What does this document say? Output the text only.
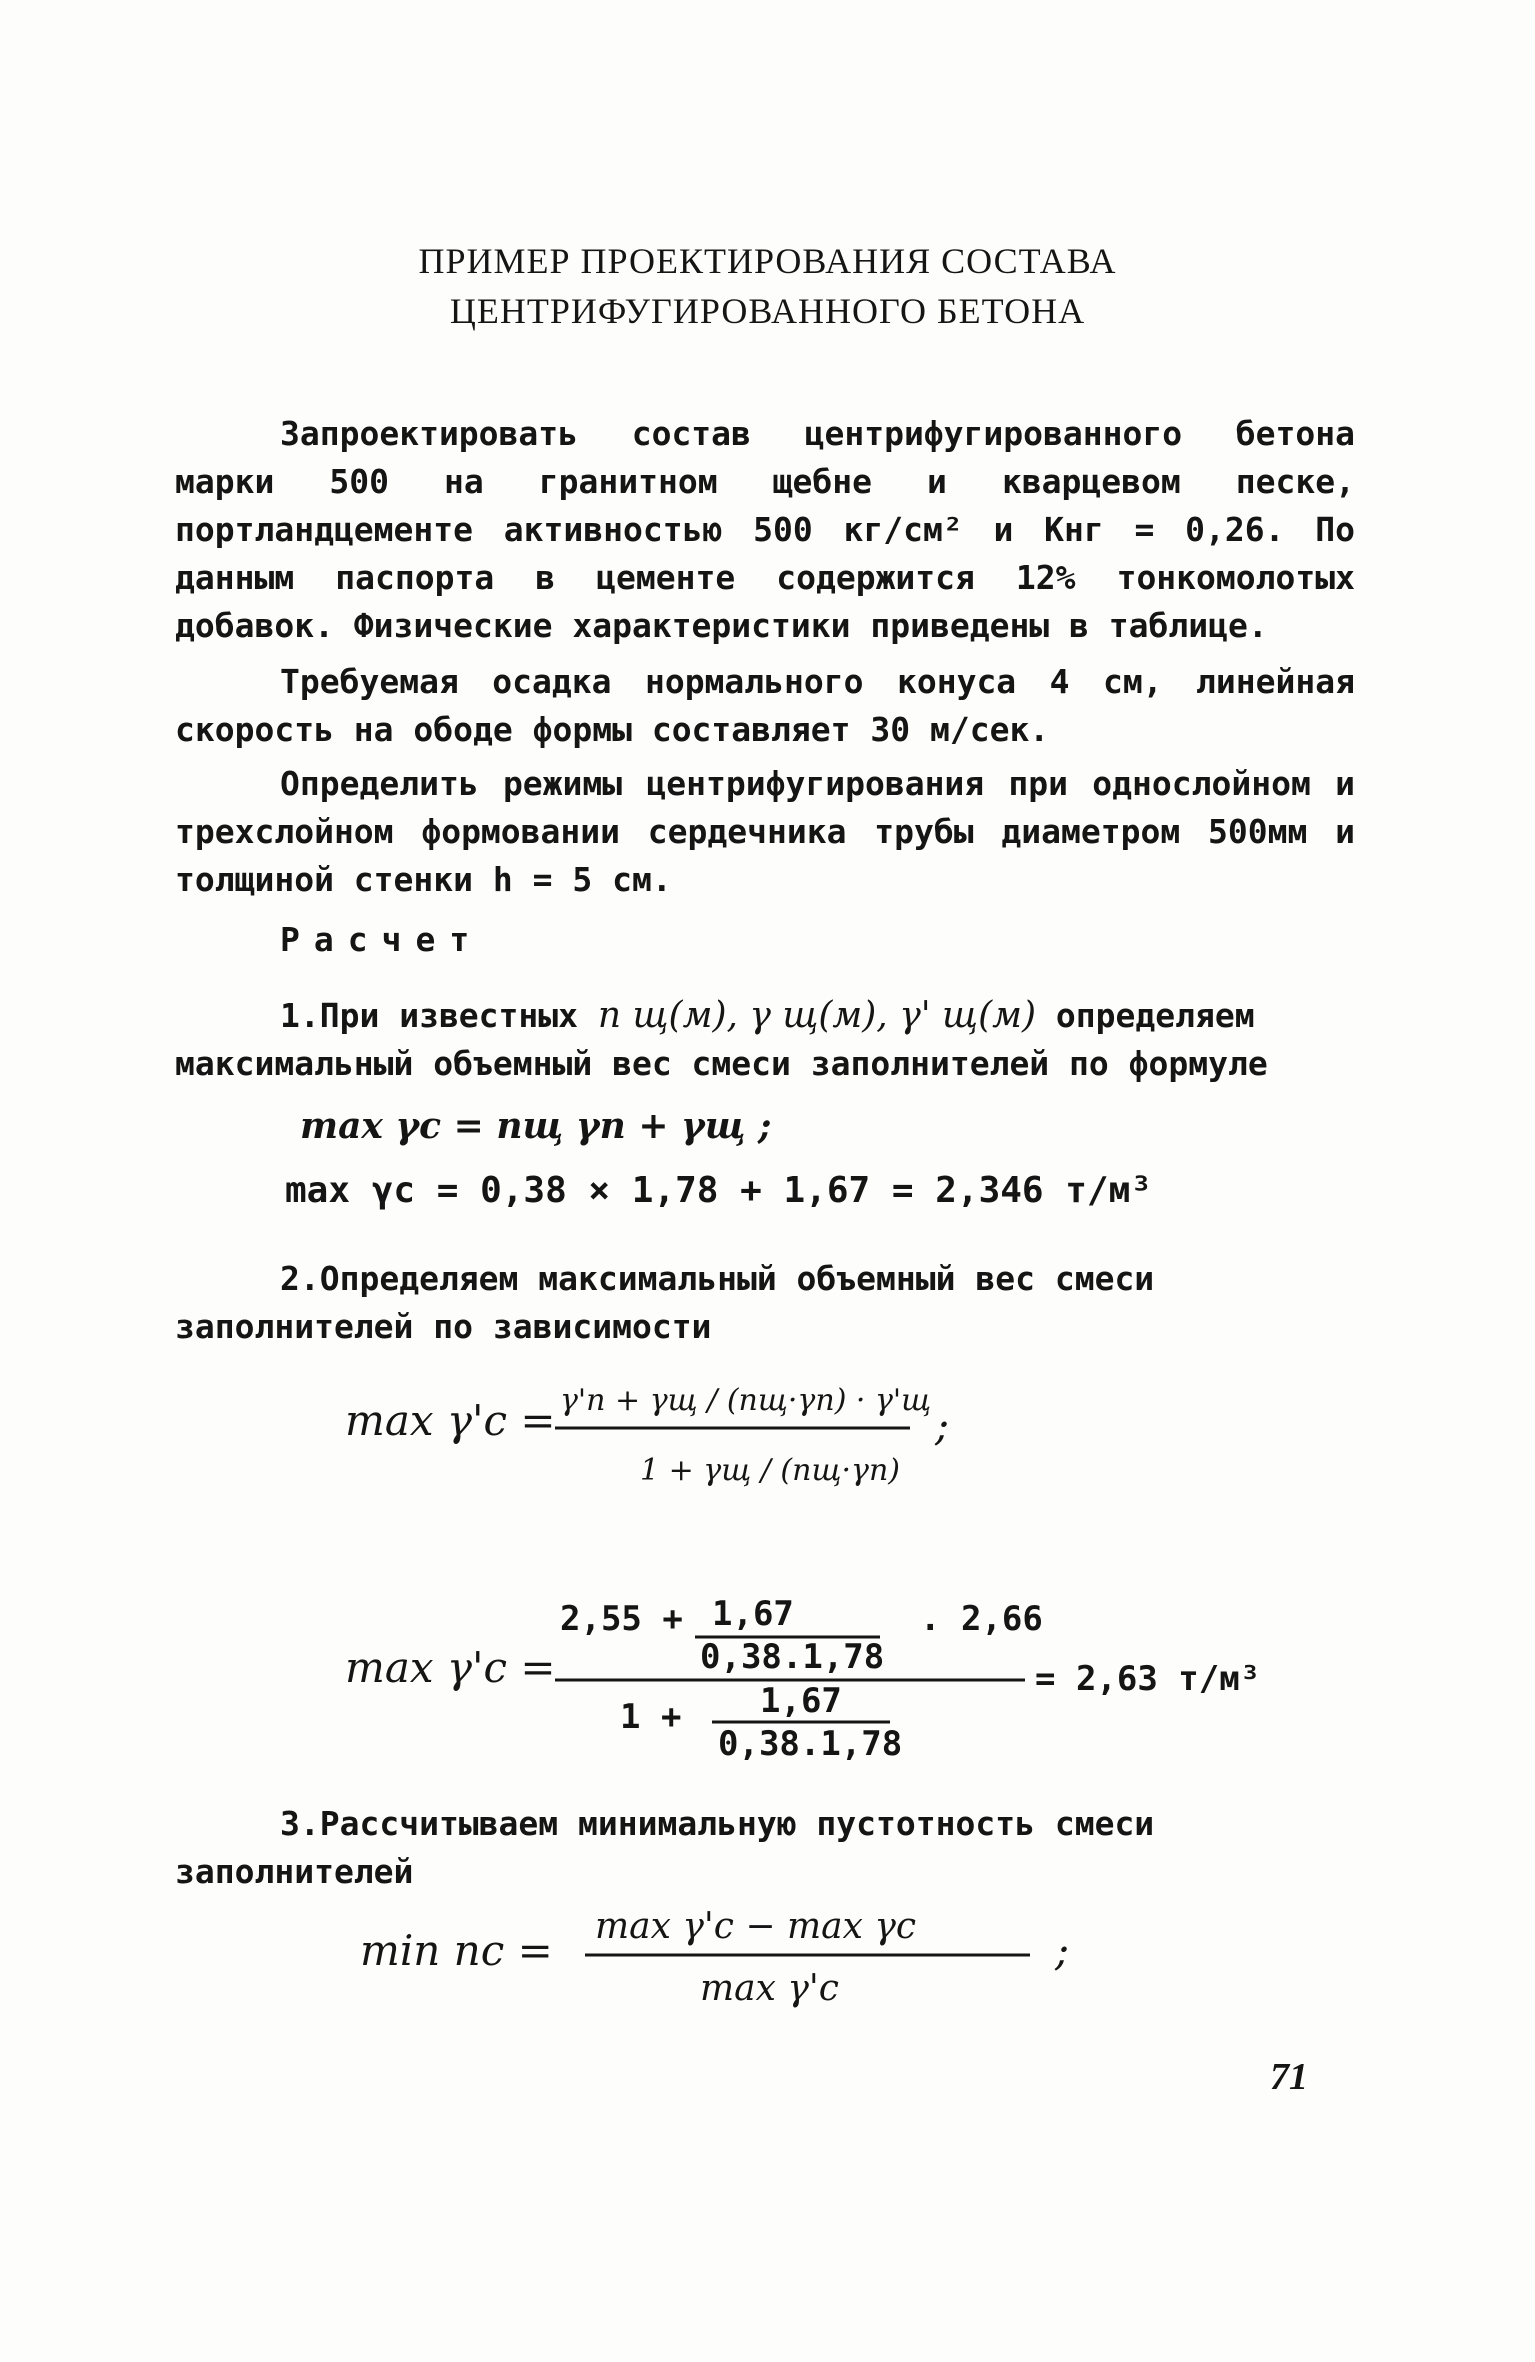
ПРИМЕР ПРОЕКТИРОВАНИЯ СОСТАВА
ЦЕНТРИФУГИРОВАННОГО БЕТОНА
Запроектировать состав центрифугированного бетона марки 500 на гранитном щебне и кварцевом песке, портландцементе активностью 500 кг/см² и Кнг = 0,26. По данным паспорта в цементе содержится 12% тонкомолотых добавок. Физические характеристики приведены в таблице.
Требуемая осадка нормального конуса 4 см, линейная скорость на ободе формы составляет 30 м/сек.
Определить режимы центрифугирования при однослойном и трехслойном формовании сердечника трубы диаметром 500мм и толщиной стенки h = 5 см.
Расчет
1.При известных n щ(м), γ щ(м), γ' щ(м) определяем максимальный объемный вес смеси заполнителей по формуле
max γc = nщ γп + γщ ;
max γc = 0,38 × 1,78 + 1,67 = 2,346 т/м³
2.Определяем максимальный объемный вес смеси заполнителей по зависимости
max γ'c = γ'п + γщ / (nщ·γп) · γ'щ
1 + γщ / (nщ·γп)
;
max γ'c =
2,55 + 1,67
0,38.1,78
. 2,66
1 + 1,67
0,38.1,78
= 2,63 т/м³
min nc = max γ'c − max γc
max γ'c
;
3.Рассчитываем минимальную пустотность смеси заполнителей
71
